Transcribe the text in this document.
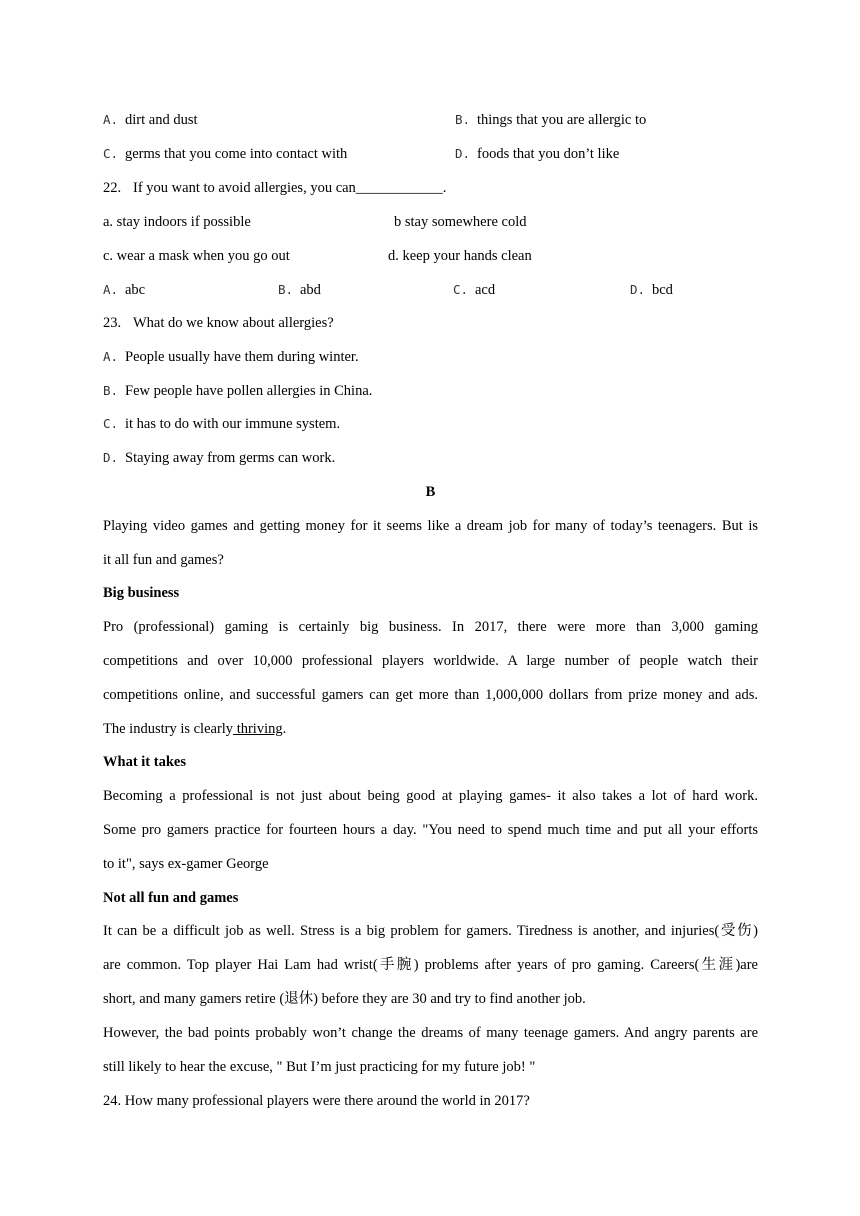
A. dirt and dust	B. things that you are allergic to
C. germs that you come into contact with	D. foods that you don’t like
22. If you want to avoid allergies, you can____________.
a. stay indoors if possible	b stay somewhere cold
c. wear a mask when you go out	d. keep your hands clean
A. abc	B. abd	C. acd	D. bcd
23. What do we know about allergies?
A. People usually have them during winter.
B. Few people have pollen allergies in China.
C. it has to do with our immune system.
D. Staying away from germs can work.
B
Playing video games and getting money for it seems like a dream job for many of today’s teenagers. But is
it all fun and games?
Big business
Pro (professional) gaming is certainly big business. In 2017, there were more than 3,000 gaming
competitions and over 10,000 professional players worldwide. A large number of people watch their
competitions online, and successful gamers can get more than 1,000,000 dollars from prize money and ads.
The industry is clearly thriving.
What it takes
Becoming a professional is not just about being good at playing games- it also takes a lot of hard work.
Some pro gamers practice for fourteen hours a day. "You need to spend much time and put all your efforts
to it", says ex-gamer George
Not all fun and games
It can be a difficult job as well. Stress is a big problem for gamers. Tiredness is another, and injuries(受伤)
are common. Top player Hai Lam had wrist(手腕) problems after years of pro gaming. Careers(生涯)are
short, and many gamers retire (退休) before they are 30 and try to find another job.
However, the bad points probably won’t change the dreams of many teenage gamers. And angry parents are
still likely to hear the excuse, " But I’m just practicing for my future job! "
24. How many professional players were there around the world in 2017?
